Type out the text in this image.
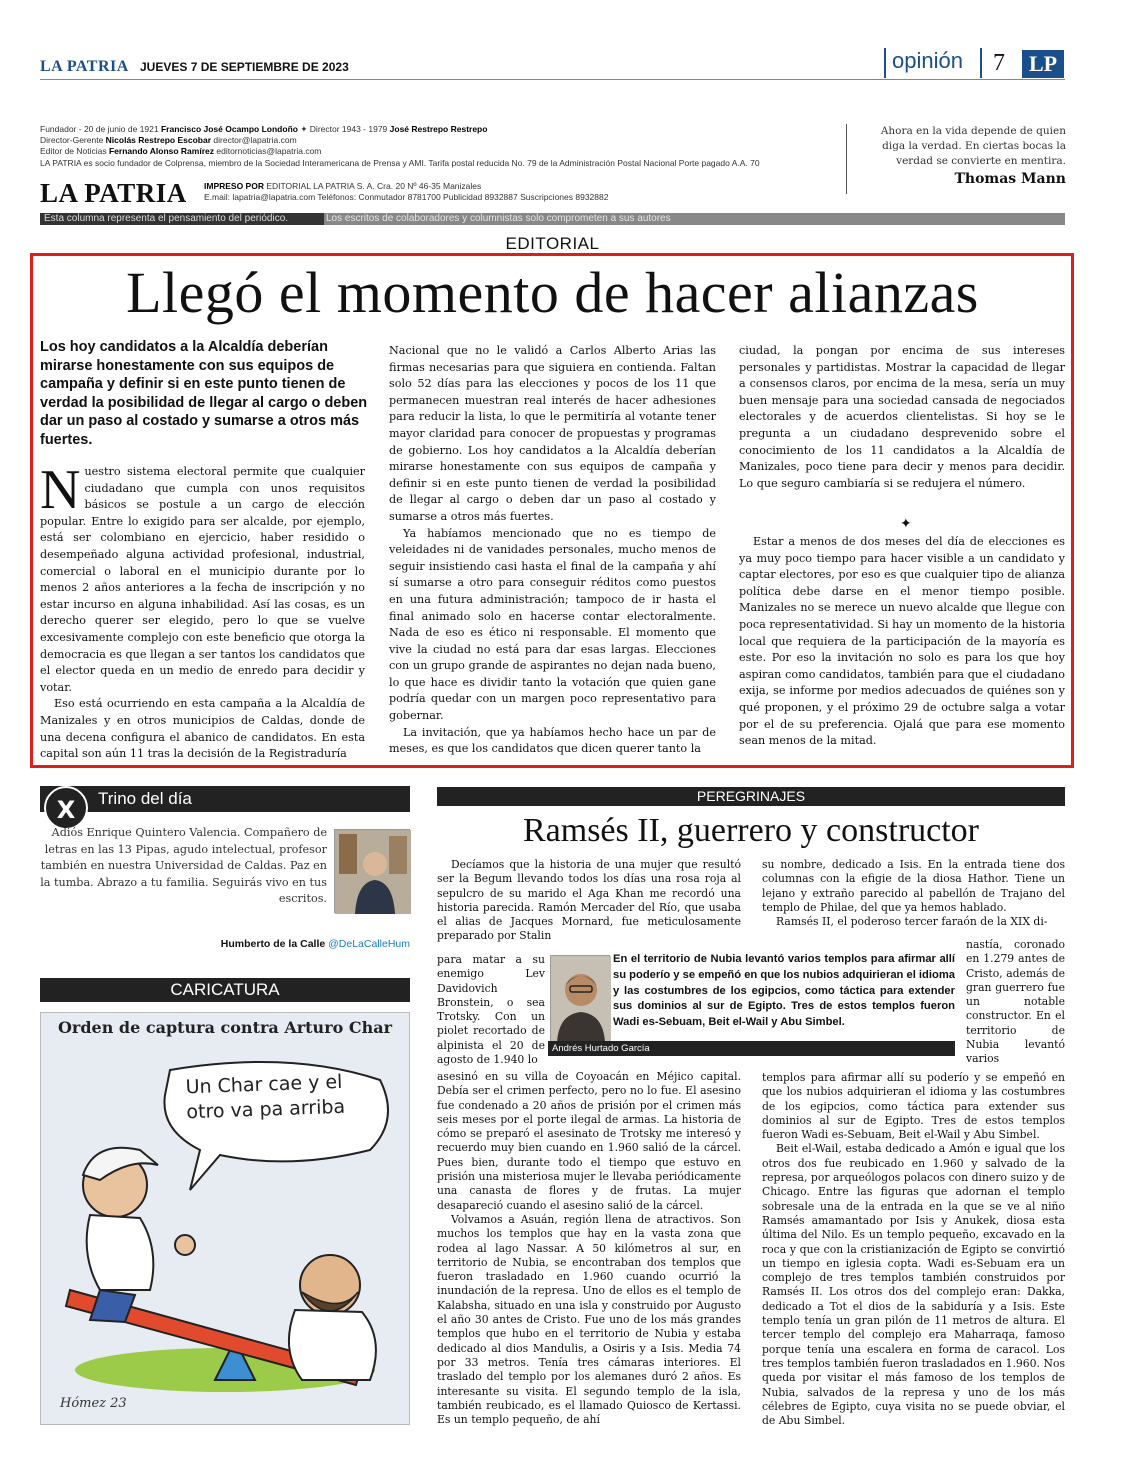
LA PATRIA JUEVES 7 DE SEPTIEMBRE DE 2023	opinión 7	LP
Fundador - 20 de junio de 1921 Francisco José Ocampo Londoño ✦ Director 1943 - 1979 José Restrepo Restrepo
Director-Gerente Nicolás Restrepo Escobar director@lapatria.com
Editor de Noticias Fernando Alonso Ramírez editornoticias@lapatria.com
LA PATRIA es socio fundador de Colprensa, miembro de la Sociedad Interamericana de Prensa y AMI. Tarifa postal reducida No. 79 de la Administración Postal Nacional Porte pagado A.A. 70
LA PATRIA IMPRESO POR EDITORIAL LA PATRIA S. A. Cra. 20 Nº 46-35 Manizales
E.mail: lapatria@lapatria.com Teléfonos: Conmutador 8781700 Publicidad 8932887 Suscripciones 8932882
Ahora en la vida depende de quien diga la verdad. En ciertas bocas la verdad se convierte en mentira.
Thomas Mann
Esta columna representa el pensamiento del periódico.	Los escritos de colaboradores y columnistas solo comprometen a sus autores
EDITORIAL
Llegó el momento de hacer alianzas
Los hoy candidatos a la Alcaldía deberían mirarse honestamente con sus equipos de campaña y definir si en este punto tienen de verdad la posibilidad de llegar al cargo o deben dar un paso al costado y sumarse a otros más fuertes.
N uestro sistema electoral permite que cualquier ciudadano que cumpla con unos requisitos básicos se postule a un cargo de elección popular. Entre lo exigido para ser alcalde, por ejemplo, está ser colombiano en ejercicio, haber residido o desempeñado alguna actividad profesional, industrial, comercial o laboral en el municipio durante por lo menos 2 años anteriores a la fecha de inscripción y no estar incurso en alguna inhabilidad. Así las cosas, es un derecho querer ser elegido, pero lo que se vuelve excesivamente complejo con este beneficio que otorga la democracia es que llegan a ser tantos los candidatos que el elector queda en un medio de enredo para decidir y votar.

Eso está ocurriendo en esta campaña a la Alcaldía de Manizales y en otros municipios de Caldas, donde de una decena configura el abanico de candidatos. En esta capital son aún 11 tras la decisión de la Registraduría

Nacional que no le validó a Carlos Alberto Arias las firmas necesarias para que siguiera en contienda. Faltan solo 52 días para las elecciones y pocos de los 11 que permanecen muestran real interés de hacer adhesiones para reducir la lista, lo que le permitiría al votante tener mayor claridad para conocer de propuestas y programas de gobierno. Los hoy candidatos a la Alcaldía deberían mirarse honestamente con sus equipos de campaña y definir si en este punto tienen de verdad la posibilidad de llegar al cargo o deben dar un paso al costado y sumarse a otros más fuertes.

Ya habíamos mencionado que no es tiempo de veleidades ni de vanidades personales, mucho menos de seguir insistiendo casi hasta el final de la campaña y ahí sí sumarse a otro para conseguir réditos como puestos en una futura administración; tampoco de ir hasta el final animado solo en hacerse contar electoralmente. Nada de eso es ético ni responsable. El momento que vive la ciudad no está para dar esas largas. Elecciones con un grupo grande de aspirantes no dejan nada bueno, lo que hace es dividir tanto la votación que quien gane podría quedar con un margen poco representativo para gobernar.

La invitación, que ya habíamos hecho hace un par de meses, es que los candidatos que dicen querer tanto la

ciudad, la pongan por encima de sus intereses personales y partidistas. Mostrar la capacidad de llegar a consensos claros, por encima de la mesa, sería un muy buen mensaje para una sociedad cansada de negociados electorales y de acuerdos clientelistas. Si hoy se le pregunta a un ciudadano desprevenido sobre el conocimiento de los 11 candidatos a la Alcaldía de Manizales, poco tiene para decir y menos para decidir. Lo que seguro cambiaría si se redujera el número.

✦

Estar a menos de dos meses del día de elecciones es ya muy poco tiempo para hacer visible a un candidato y captar electores, por eso es que cualquier tipo de alianza política debe darse en el menor tiempo posible. Manizales no se merece un nuevo alcalde que llegue con poca representatividad. Si hay un momento de la historia local que requiera de la participación de la mayoría es este. Por eso la invitación no solo es para los que hoy aspiran como candidatos, también para que el ciudadano exija, se informe por medios adecuados de quiénes son y qué proponen, y el próximo 29 de octubre salga a votar por el de su preferencia. Ojalá que para ese momento sean menos de la mitad.

X	Trino del día
Adiós Enrique Quintero Valencia. Compañero de letras en las 13 Pipas, agudo intelectual, profesor también en nuestra Universidad de Caldas. Paz en la tumba. Abrazo a tu familia. Seguirás vivo en tus escritos.
Humberto de la Calle @DeLaCalleHum
CARICATURA
Orden de captura contra Arturo Char
Un Char cae y el otro va pa arriba
Hómez 23
PEREGRINAJES
Ramsés II, guerrero y constructor

Decíamos que la historia de una mujer que resultó ser la Begum llevando todos los días una rosa roja al sepulcro de su marido el Aga Khan me recordó una historia parecida. Ramón Mercader del Río, que usaba el alias de Jacques Mornard, fue meticulosamente preparado por Stalin

para matar a su enemigo Lev Davidovich Bronstein, o sea Trotsky. Con un piolet recortado de alpinista el 20 de agosto de 1.940 lo

En el territorio de Nubia levantó varios templos para afirmar allí su poderío y se empeñó en que los nubios adquirieran el idioma y las costumbres de los egipcios, como táctica para extender sus dominios al sur de Egipto. Tres de estos templos fueron Wadi es-Sebuam, Beit el-Wail y Abu Simbel.
Andrés Hurtado García

asesinó en su villa de Coyoacán en Méjico capital. Debía ser el crimen perfecto, pero no lo fue. El asesino fue condenado a 20 años de prisión por el crimen más seis meses por el porte ilegal de armas. La historia de cómo se preparó el asesinato de Trotsky me interesó y recuerdo muy bien cuando en 1.960 salió de la cárcel. Pues bien, durante todo el tiempo que estuvo en prisión una misteriosa mujer le llevaba periódicamente una canasta de flores y de frutas. La mujer desapareció cuando el asesino salió de la cárcel.

Volvamos a Asuán, región llena de atractivos. Son muchos los templos que hay en la vasta zona que rodea al lago Nassar. A 50 kilómetros al sur, en territorio de Nubia, se encontraban dos templos que fueron trasladado en 1.960 cuando ocurrió la inundación de la represa. Uno de ellos es el templo de Kalabsha, situado en una isla y construido por Augusto el año 30 antes de Cristo. Fue uno de los más grandes templos que hubo en el territorio de Nubia y estaba dedicado al dios Mandulis, a Osiris y a Isis. Media 74 por 33 metros. Tenía tres cámaras interiores. El traslado del templo por los alemanes duró 2 años. Es interesante su visita. El segundo templo de la isla, también reubicado, es el llamado Quiosco de Kertassi. Es un templo pequeño, de ahí

su nombre, dedicado a Isis. En la entrada tiene dos columnas con la efigie de la diosa Hathor. Tiene un lejano y extraño parecido al pabellón de Trajano del templo de Philae, del que ya hemos hablado.

Ramsés II, el poderoso tercer faraón de la XIX di-

nastía, coronado en 1.279 antes de Cristo, además de gran guerrero fue un notable constructor. En el territorio de Nubia levantó varios

templos para afirmar allí su poderío y se empeñó en que los nubios adquirieran el idioma y las costumbres de los egipcios, como táctica para extender sus dominios al sur de Egipto. Tres de estos templos fueron Wadi es-Sebuam, Beit el-Wail y Abu Simbel.

Beit el-Wail, estaba dedicado a Amón e igual que los otros dos fue reubicado en 1.960 y salvado de la represa, por arqueólogos polacos con dinero suizo y de Chicago. Entre las figuras que adornan el templo sobresale una de la entrada en la que se ve al niño Ramsés amamantado por Isis y Anukek, diosa esta última del Nilo. Es un templo pequeño, excavado en la roca y que con la cristianización de Egipto se convirtió un tiempo en iglesia copta. Wadi es-Sebuam era un complejo de tres templos también construidos por Ramsés II. Los otros dos del complejo eran: Dakka, dedicado a Tot el dios de la sabiduría y a Isis. Este templo tenía un gran pilón de 11 metros de altura. El tercer templo del complejo era Maharraqa, famoso porque tenía una escalera en forma de caracol. Los tres templos también fueron trasladados en 1.960. Nos queda por visitar el más famoso de los templos de Nubia, salvados de la represa y uno de los más célebres de Egipto, cuya visita no se puede obviar, el de Abu Simbel.
